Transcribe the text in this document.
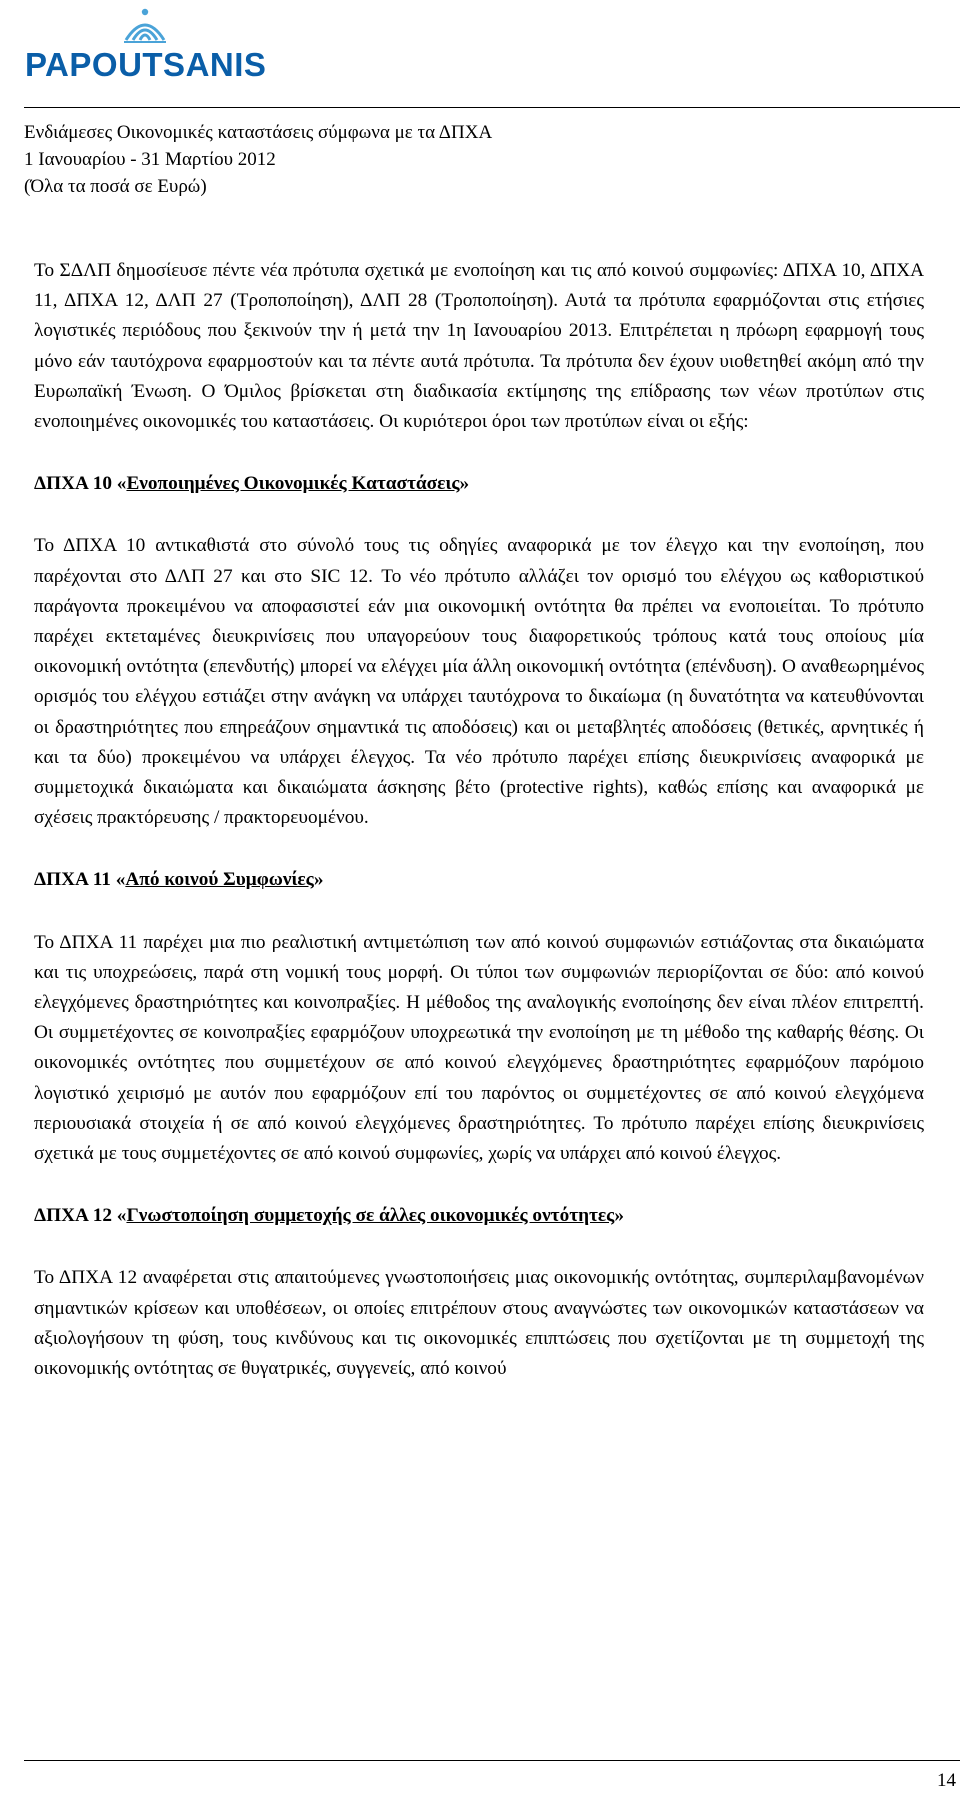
PAPOUTSANIS
Ενδιάμεσες Οικονομικές καταστάσεις σύμφωνα με τα ΔΠΧΑ
1 Ιανουαρίου - 31 Μαρτίου 2012
(Όλα τα ποσά σε Ευρώ)

Το ΣΔΛΠ δημοσίευσε πέντε νέα πρότυπα σχετικά με ενοποίηση και τις από κοινού συμφωνίες: ΔΠΧΑ 10, ΔΠΧΑ 11, ΔΠΧΑ 12, ΔΛΠ 27 (Τροποποίηση), ΔΛΠ 28 (Τροποποίηση). Αυτά τα πρότυπα εφαρμόζονται στις ετήσιες λογιστικές περιόδους που ξεκινούν την ή μετά την 1η Ιανουαρίου 2013. Επιτρέπεται η πρόωρη εφαρμογή τους μόνο εάν ταυτόχρονα εφαρμοστούν και τα πέντε αυτά πρότυπα. Τα πρότυπα δεν έχουν υιοθετηθεί ακόμη από την Ευρωπαϊκή Ένωση. Ο Όμιλος βρίσκεται στη διαδικασία εκτίμησης της επίδρασης των νέων προτύπων στις ενοποιημένες οικονομικές του καταστάσεις. Οι κυριότεροι όροι των προτύπων είναι οι εξής:

ΔΠΧΑ 10 «Ενοποιημένες Οικονομικές Καταστάσεις»

Το ΔΠΧΑ 10 αντικαθιστά στο σύνολό τους τις οδηγίες αναφορικά με τον έλεγχο και την ενοποίηση, που παρέχονται στο ΔΛΠ 27 και στο SIC 12. Το νέο πρότυπο αλλάζει τον ορισμό του ελέγχου ως καθοριστικού παράγοντα προκειμένου να αποφασιστεί εάν μια οικονομική οντότητα θα πρέπει να ενοποιείται. Το πρότυπο παρέχει εκτεταμένες διευκρινίσεις που υπαγορεύουν τους διαφορετικούς τρόπους κατά τους οποίους μία οικονομική οντότητα (επενδυτής) μπορεί να ελέγχει μία άλλη οικονομική οντότητα (επένδυση). Ο αναθεωρημένος ορισμός του ελέγχου εστιάζει στην ανάγκη να υπάρχει ταυτόχρονα το δικαίωμα (η δυνατότητα να κατευθύνονται οι δραστηριότητες που επηρεάζουν σημαντικά τις αποδόσεις) και οι μεταβλητές αποδόσεις (θετικές, αρνητικές ή και τα δύο) προκειμένου να υπάρχει έλεγχος. Τα νέο πρότυπο παρέχει επίσης διευκρινίσεις αναφορικά με συμμετοχικά δικαιώματα και δικαιώματα άσκησης βέτο (protective rights), καθώς επίσης και αναφορικά με σχέσεις πρακτόρευσης / πρακτορευομένου.

ΔΠΧΑ 11 «Από κοινού Συμφωνίες»

Το ΔΠΧΑ 11 παρέχει μια πιο ρεαλιστική αντιμετώπιση των από κοινού συμφωνιών εστιάζοντας στα δικαιώματα και τις υποχρεώσεις, παρά στη νομική τους μορφή. Οι τύποι των συμφωνιών περιορίζονται σε δύο: από κοινού ελεγχόμενες δραστηριότητες και κοινοπραξίες. Η μέθοδος της αναλογικής ενοποίησης δεν είναι πλέον επιτρεπτή. Οι συμμετέχοντες σε κοινοπραξίες εφαρμόζουν υποχρεωτικά την ενοποίηση με τη μέθοδο της καθαρής θέσης. Οι οικονομικές οντότητες που συμμετέχουν σε από κοινού ελεγχόμενες δραστηριότητες εφαρμόζουν παρόμοιο λογιστικό χειρισμό με αυτόν που εφαρμόζουν επί του παρόντος οι συμμετέχοντες σε από κοινού ελεγχόμενα περιουσιακά στοιχεία ή σε από κοινού ελεγχόμενες δραστηριότητες. Το πρότυπο παρέχει επίσης διευκρινίσεις σχετικά με τους συμμετέχοντες σε από κοινού συμφωνίες, χωρίς να υπάρχει από κοινού έλεγχος.

ΔΠΧΑ 12 «Γνωστοποίηση συμμετοχής σε άλλες οικονομικές οντότητες»

Το ΔΠΧΑ 12 αναφέρεται στις απαιτούμενες γνωστοποιήσεις μιας οικονομικής οντότητας, συμπεριλαμβανομένων σημαντικών κρίσεων και υποθέσεων, οι οποίες επιτρέπουν στους αναγνώστες των οικονομικών καταστάσεων να αξιολογήσουν τη φύση, τους κινδύνους και τις οικονομικές επιπτώσεις που σχετίζονται με τη συμμετοχή της οικονομικής οντότητας σε θυγατρικές, συγγενείς, από κοινού

14
